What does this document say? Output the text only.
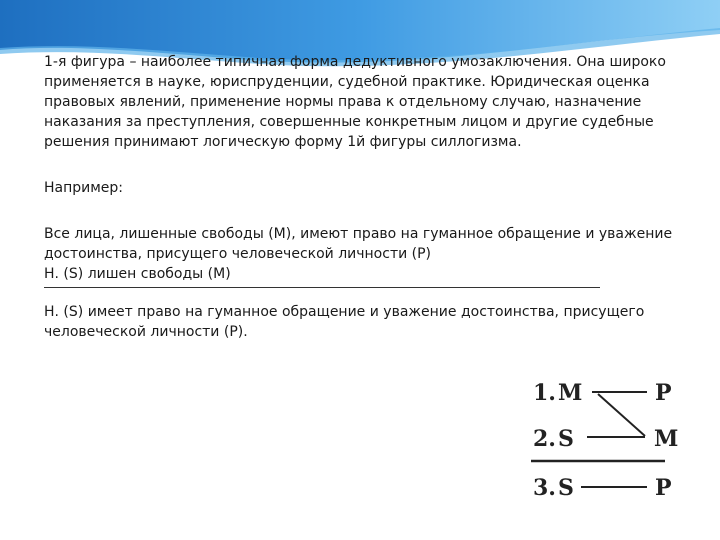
1-я фигура – наиболее типичная форма дедуктивного умозаключения. Она широко применяется в науке, юриспруденции, судебной практике. Юридическая оценка правовых явлений, применение нормы права к отдельному случаю, назначение наказания за преступления, совершенные конкретным лицом и другие судебные решения принимают логическую форму 1й фигуры силлогизма.

Например:

Все лица, лишенные свободы (М), имеют право на гуманное обращение и уважение достоинства, присущего человеческой личности (Р)

Н. (S) лишен свободы (М)

Н. (S) имеет право на гуманное обращение и уважение достоинства, присущего человеческой личности (Р).

1. M	P
2. S	M
3. S	P
